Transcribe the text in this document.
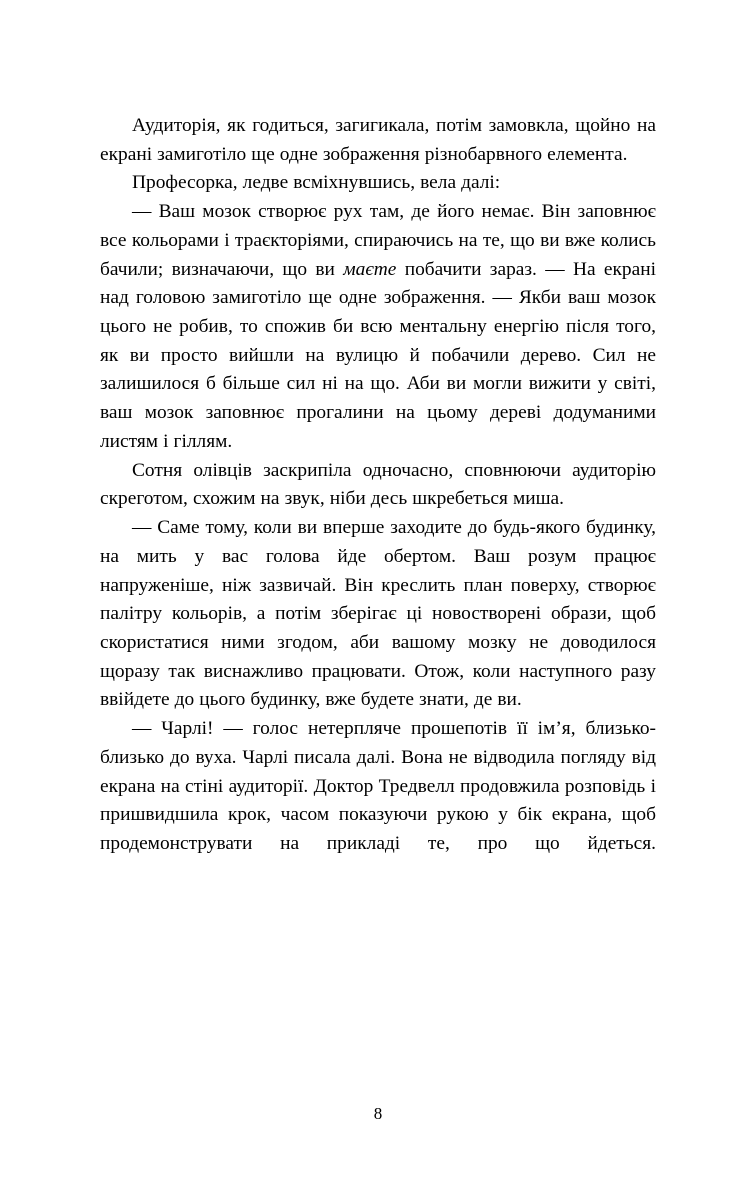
Аудиторія, як годиться, загигикала, потім замовкла, щойно на екрані замиготіло ще одне зображення різнобарвного елемента.

Професорка, ледве всміхнувшись, вела далі:

— Ваш мозок створює рух там, де його немає. Він заповнює все кольорами і траєкторіями, спираючись на те, що ви вже колись бачили; визначаючи, що ви маєте побачити зараз. — На екрані над головою замиготіло ще одне зображення. — Якби ваш мозок цього не робив, то спожив би всю ментальну енергію після того, як ви просто вийшли на вулицю й побачили дерево. Сил не залишилося б більше сил ні на що. Аби ви могли вижити у світі, ваш мозок заповнює прогалини на цьому дереві додуманими листям і гіллям.

Сотня олівців заскрипіла одночасно, сповнюючи аудиторію скреготом, схожим на звук, ніби десь шкребеться миша.

— Саме тому, коли ви вперше заходите до будь-якого будинку, на мить у вас голова йде обертом. Ваш розум працює напруженіше, ніж зазвичай. Він креслить план поверху, створює палітру кольорів, а потім зберігає ці новостворені образи, щоб скористатися ними згодом, аби вашому мозку не доводилося щоразу так виснажливо працювати. Отож, коли наступного разу ввійдете до цього будинку, вже будете знати, де ви.

— Чарлі! — голос нетерпляче прошепотів її ім’я, близько-близько до вуха. Чарлі писала далі. Вона не відводила погляду від екрана на стіні аудиторії. Доктор Тредвелл продовжила розповідь і пришвидшила крок, часом показуючи рукою у бік екрана, щоб продемонструвати на прикладі те, про що йдеться.

8
